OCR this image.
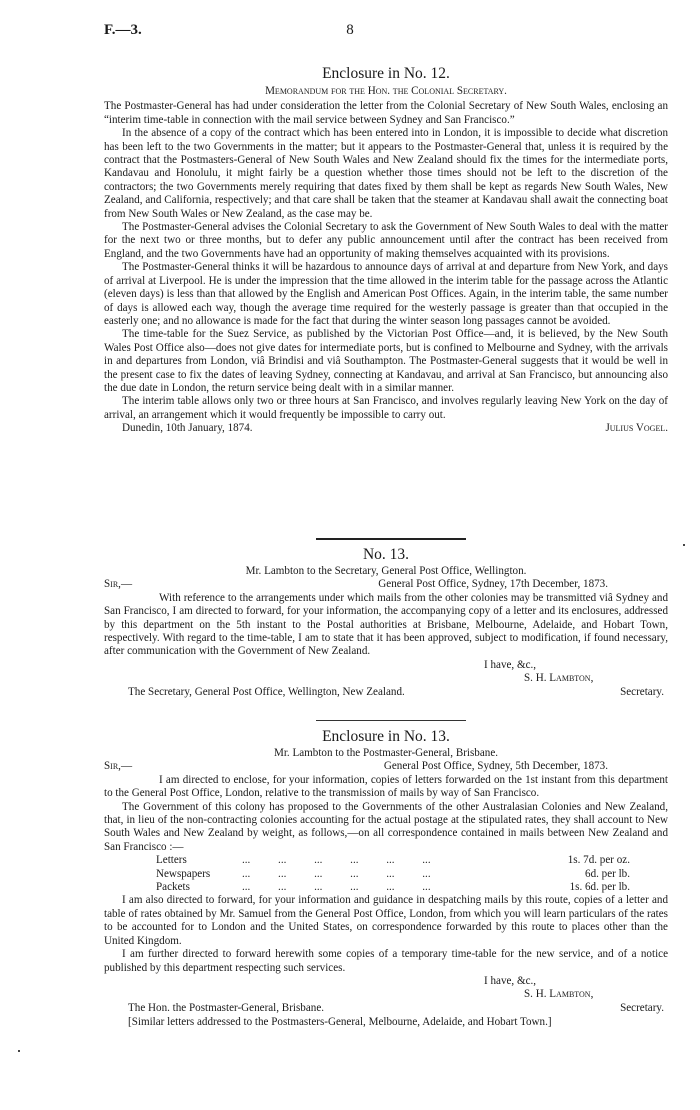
F.—3.	8
Enclosure in No. 12.
Memorandum for the Hon. the Colonial Secretary.

The Postmaster-General has had under consideration the letter from the Colonial Secretary of New South Wales, enclosing an “interim time-table in connection with the mail service between Sydney and San Francisco.”

In the absence of a copy of the contract which has been entered into in London, it is impossible to decide what discretion has been left to the two Governments in the matter; but it appears to the Postmaster-General that, unless it is required by the contract that the Postmasters-General of New South Wales and New Zealand should fix the times for the intermediate ports, Kandavau and Honolulu, it might fairly be a question whether those times should not be left to the discretion of the contractors; the two Governments merely requiring that dates fixed by them shall be kept as regards New South Wales, New Zealand, and California, respectively; and that care shall be taken that the steamer at Kandavau shall await the connecting boat from New South Wales or New Zealand, as the case may be.

The Postmaster-General advises the Colonial Secretary to ask the Government of New South Wales to deal with the matter for the next two or three months, but to defer any public announcement until after the contract has been received from England, and the two Governments have had an opportunity of making themselves acquainted with its provisions.

The Postmaster-General thinks it will be hazardous to announce days of arrival at and departure from New York, and days of arrival at Liverpool. He is under the impression that the time allowed in the interim table for the passage across the Atlantic (eleven days) is less than that allowed by the English and American Post Offices. Again, in the interim table, the same number of days is allowed each way, though the average time required for the westerly passage is greater than that occupied in the easterly one; and no allowance is made for the fact that during the winter season long passages cannot be avoided.

The time-table for the Suez Service, as published by the Victorian Post Office—and, it is believed, by the New South Wales Post Office also—does not give dates for intermediate ports, but is confined to Melbourne and Sydney, with the arrivals in and departures from London, viâ Brindisi and viâ Southampton. The Postmaster-General suggests that it would be well in the present case to fix the dates of leaving Sydney, connecting at Kandavau, and arrival at San Francisco, but announcing also the due date in London, the return service being dealt with in a similar manner.

The interim table allows only two or three hours at San Francisco, and involves regularly leaving New York on the day of arrival, an arrangement which it would frequently be impossible to carry out.

Dunedin, 10th January, 1874.	Julius Vogel.
No. 13.
Mr. Lambton to the Secretary, General Post Office, Wellington.
Sir,—	General Post Office, Sydney, 17th December, 1873.

With reference to the arrangements under which mails from the other colonies may be transmitted viâ Sydney and San Francisco, I am directed to forward, for your information, the accompanying copy of a letter and its enclosures, addressed by this department on the 5th instant to the Postal authorities at Brisbane, Melbourne, Adelaide, and Hobart Town, respectively. With regard to the time-table, I am to state that it has been approved, subject to modification, if found necessary, after communication with the Government of New Zealand.

I have, &c.,
S. H. Lambton,
The Secretary, General Post Office, Wellington, New Zealand.	Secretary.
Enclosure in No. 13.
Mr. Lambton to the Postmaster-General, Brisbane.
Sir,—	General Post Office, Sydney, 5th December, 1873.

I am directed to enclose, for your information, copies of letters forwarded on the 1st instant from this department to the General Post Office, London, relative to the transmission of mails by way of San Francisco.

The Government of this colony has proposed to the Governments of the other Australasian Colonies and New Zealand, that, in lieu of the non-contracting colonies accounting for the actual postage at the stipulated rates, they shall account to New South Wales and New Zealand by weight, as follows,—on all correspondence contained in mails between New Zealand and San Francisco :—

Letters	...          ...          ...          ...          ...          ...	1s. 7d. per oz.
Newspapers	...          ...          ...          ...          ...          ...	6d. per lb.
Packets	...          ...          ...          ...          ...          ...	1s. 6d. per lb.

I am also directed to forward, for your information and guidance in despatching mails by this route, copies of a letter and table of rates obtained by Mr. Samuel from the General Post Office, London, from which you will learn particulars of the rates to be accounted for to London and the United States, on correspondence forwarded by this route to places other than the United Kingdom.

I am further directed to forward herewith some copies of a temporary time-table for the new service, and of a notice published by this department respecting such services.

I have, &c.,
S. H. Lambton,
The Hon. the Postmaster-General, Brisbane.	Secretary.
[Similar letters addressed to the Postmasters-General, Melbourne, Adelaide, and Hobart Town.]
